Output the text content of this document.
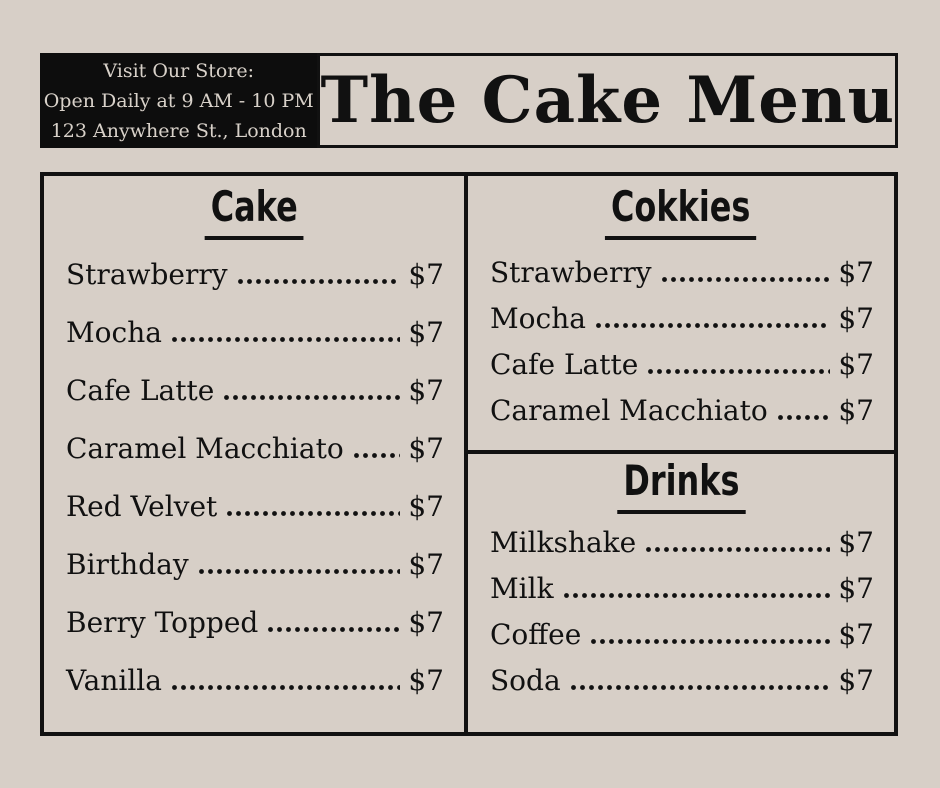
Visit Our Store:
Open Daily at 9 AM - 10 PM
123 Anywhere St., London The Cake Menu
Cake
Strawberry	$7
Mocha	$7
Cafe Latte	$7
Caramel Macchiato $7
Red Velvet	$7
Birthday	$7
Berry Topped	$7
Vanilla	$7
Cokkies
Strawberry	$7
Mocha	$7
Cafe Latte	$7
Caramel Macchiato	$7
Drinks
Milkshake	$7
Milk	$7
Coffee	$7
Soda	$7
